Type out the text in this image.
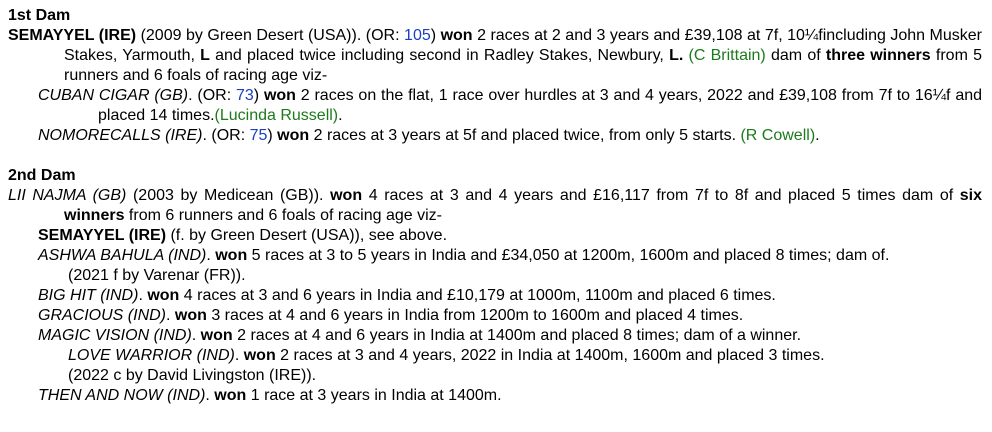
1st Dam

SEMAYYEL (IRE) (2009 by Green Desert (USA)). (OR: 105) won 2 races at 2 and 3 years and £39,108 at 7f, 10¼fincluding John Musker Stakes, Yarmouth, L and placed twice including second in Radley Stakes, Newbury, L. (C Brittain) dam of three winners from 5 runners and 6 foals of racing age viz-

CUBAN CIGAR (GB). (OR: 73) won 2 races on the flat, 1 race over hurdles at 3 and 4 years, 2022 and £39,108 from 7f to 16¼f and placed 14 times.(Lucinda Russell).

NOMORECALLS (IRE). (OR: 75) won 2 races at 3 years at 5f and placed twice, from only 5 starts. (R Cowell).

2nd Dam

LII NAJMA (GB) (2003 by Medicean (GB)). won 4 races at 3 and 4 years and £16,117 from 7f to 8f and placed 5 times dam of six winners from 6 runners and 6 foals of racing age viz-

SEMAYYEL (IRE) (f. by Green Desert (USA)), see above.

ASHWA BAHULA (IND). won 5 races at 3 to 5 years in India and £34,050 at 1200m, 1600m and placed 8 times; dam of.

(2021 f by Varenar (FR)).

BIG HIT (IND). won 4 races at 3 and 6 years in India and £10,179 at 1000m, 1100m and placed 6 times.

GRACIOUS (IND). won 3 races at 4 and 6 years in India from 1200m to 1600m and placed 4 times.

MAGIC VISION (IND). won 2 races at 4 and 6 years in India at 1400m and placed 8 times; dam of a winner.

LOVE WARRIOR (IND). won 2 races at 3 and 4 years, 2022 in India at 1400m, 1600m and placed 3 times.

(2022 c by David Livingston (IRE)).

THEN AND NOW (IND). won 1 race at 3 years in India at 1400m.
